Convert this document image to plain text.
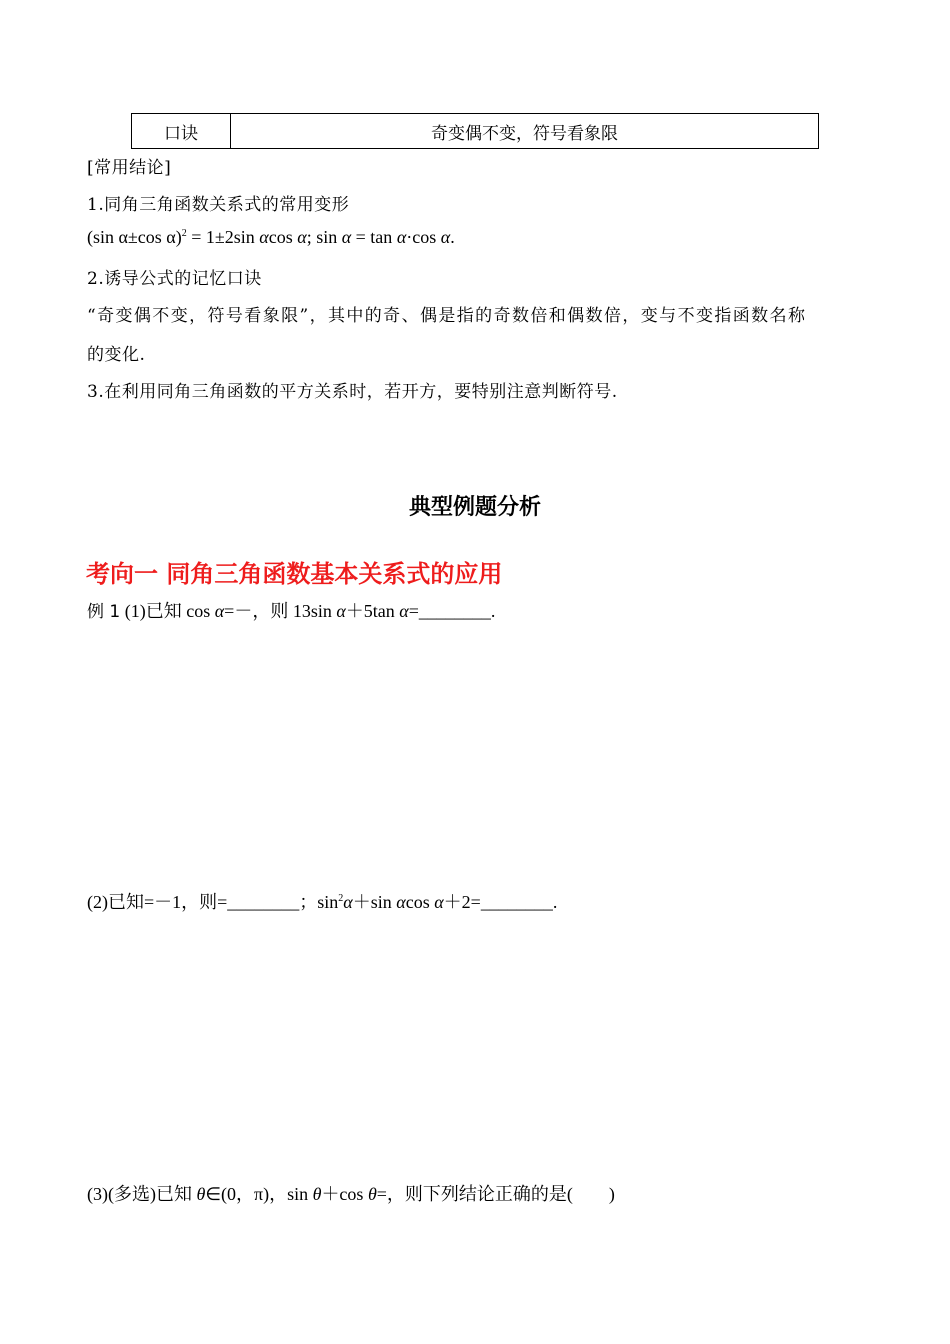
口诀	奇变偶不变，符号看象限
[常用结论]
1.同角三角函数关系式的常用变形
(sin α±cos α)$^2$ = 1±2sin αcos α; sin α = tan α·cos α.
2.诱导公式的记忆口诀
“奇变偶不变，符号看象限”，其中的奇、偶是指的奇数倍和偶数倍，变与不变指函数名称
的变化.
3.在利用同角三角函数的平方关系时，若开方，要特别注意判断符号.
典型例题分析
考向一 同角三角函数基本关系式的应用
例 1 (1)已知 cos α=－，则 13sin α＋5tan α=________.
(2)已知=－1，则=________；$\sin^2\alpha+\sin$ αcos α＋2=________.
(3)(多选)已知 θ∈(0，π)，sin θ＋cos θ=，则下列结论正确的是(　　)
